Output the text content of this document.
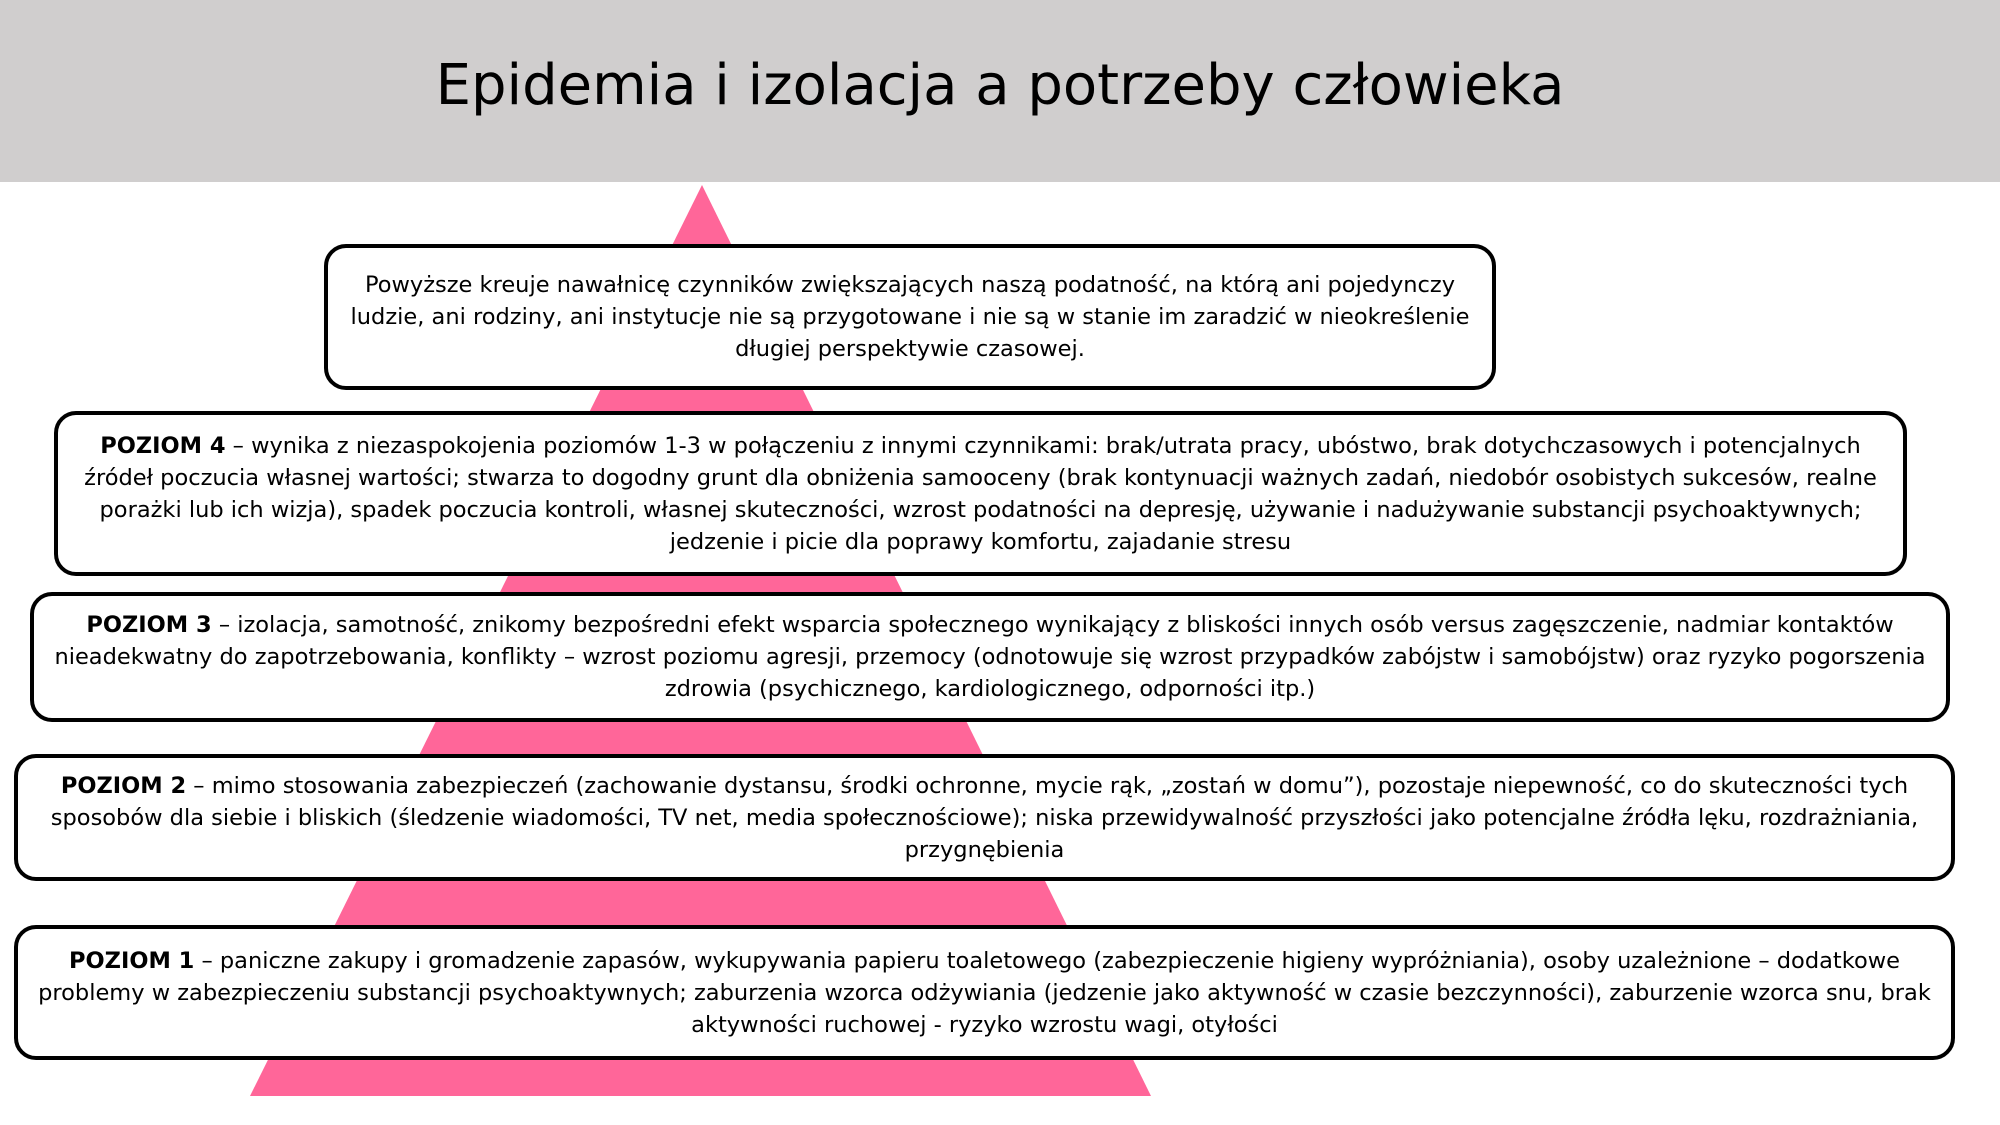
Epidemia i izolacja a potrzeby człowieka

Powyższe kreuje nawałnicę czynników zwiększających naszą podatność, na którą ani pojedynczy ludzie, ani rodziny, ani instytucje nie są przygotowane i nie są w stanie im zaradzić w nieokreślenie długiej perspektywie czasowej.

POZIOM 4 – wynika z niezaspokojenia poziomów 1-3 w połączeniu z innymi czynnikami: brak/utrata pracy, ubóstwo, brak dotychczasowych i potencjalnych źródeł poczucia własnej wartości; stwarza to dogodny grunt dla obniżenia samooceny (brak kontynuacji ważnych zadań, niedobór osobistych sukcesów, realne porażki lub ich wizja), spadek poczucia kontroli, własnej skuteczności, wzrost podatności na depresję, używanie i nadużywanie substancji psychoaktywnych; jedzenie i picie dla poprawy komfortu, zajadanie stresu

POZIOM 3 – izolacja, samotność, znikomy bezpośredni efekt wsparcia społecznego wynikający z bliskości innych osób versus zagęszczenie, nadmiar kontaktów nieadekwatny do zapotrzebowania, konflikty – wzrost poziomu agresji, przemocy (odnotowuje się wzrost przypadków zabójstw i samobójstw) oraz ryzyko pogorszenia zdrowia (psychicznego, kardiologicznego, odporności itp.)

POZIOM 2 – mimo stosowania zabezpieczeń (zachowanie dystansu, środki ochronne, mycie rąk, „zostań w domu”), pozostaje niepewność, co do skuteczności tych sposobów dla siebie i bliskich (śledzenie wiadomości, TV net, media społecznościowe); niska przewidywalność przyszłości jako potencjalne źródła lęku, rozdrażniania, przygnębienia

POZIOM 1 – paniczne zakupy i gromadzenie zapasów, wykupywania papieru toaletowego (zabezpieczenie higieny wypróżniania), osoby uzależnione – dodatkowe problemy w zabezpieczeniu substancji psychoaktywnych; zaburzenia wzorca odżywiania (jedzenie jako aktywność w czasie bezczynności), zaburzenie wzorca snu, brak aktywności ruchowej - ryzyko wzrostu wagi, otyłości
